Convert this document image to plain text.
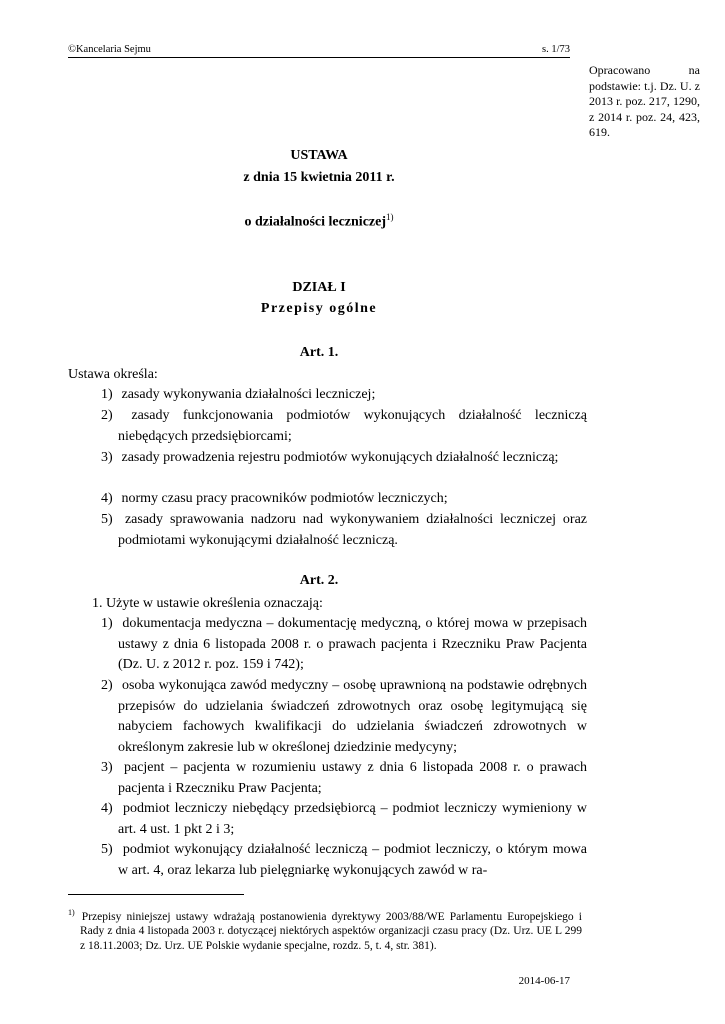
©Kancelaria Sejmu	s. 1/73
Opracowano na podstawie: t.j. Dz. U. z 2013 r. poz. 217, 1290, z 2014 r. poz. 24, 423, 619.
USTAWA
z dnia 15 kwietnia 2011 r.
o działalności leczniczej$^{1)}$
DZIAŁ I
Przepisy ogólne
Art. 1.
Ustawa określa:
1) zasady wykonywania działalności leczniczej;
2) zasady funkcjonowania podmiotów wykonujących działalność leczniczą niebędących przedsiębiorcami;
3) zasady prowadzenia rejestru podmiotów wykonujących działalność leczniczą;
4) normy czasu pracy pracowników podmiotów leczniczych;
5) zasady sprawowania nadzoru nad wykonywaniem działalności leczniczej oraz podmiotami wykonującymi działalność leczniczą.
Art. 2.
1. Użyte w ustawie określenia oznaczają:
1) dokumentacja medyczna – dokumentację medyczną, o której mowa w przepisach ustawy z dnia 6 listopada 2008 r. o prawach pacjenta i Rzeczniku Praw Pacjenta (Dz. U. z 2012 r. poz. 159 i 742);
2) osoba wykonująca zawód medyczny – osobę uprawnioną na podstawie odrębnych przepisów do udzielania świadczeń zdrowotnych oraz osobę legitymującą się nabyciem fachowych kwalifikacji do udzielania świadczeń zdrowotnych w określonym zakresie lub w określonej dziedzinie medycyny;
3) pacjent – pacjenta w rozumieniu ustawy z dnia 6 listopada 2008 r. o prawach pacjenta i Rzeczniku Praw Pacjenta;
4) podmiot leczniczy niebędący przedsiębiorcą – podmiot leczniczy wymieniony w art. 4 ust. 1 pkt 2 i 3;
5) podmiot wykonujący działalność leczniczą – podmiot leczniczy, o którym mowa w art. 4, oraz lekarza lub pielęgniarkę wykonujących zawód w ra-
$^{1)}$ Przepisy niniejszej ustawy wdrażają postanowienia dyrektywy 2003/88/WE Parlamentu Europejskiego i Rady z dnia 4 listopada 2003 r. dotyczącej niektórych aspektów organizacji czasu pracy (Dz. Urz. UE L 299 z 18.11.2003; Dz. Urz. UE Polskie wydanie specjalne, rozdz. 5, t. 4, str. 381).
2014-06-17
